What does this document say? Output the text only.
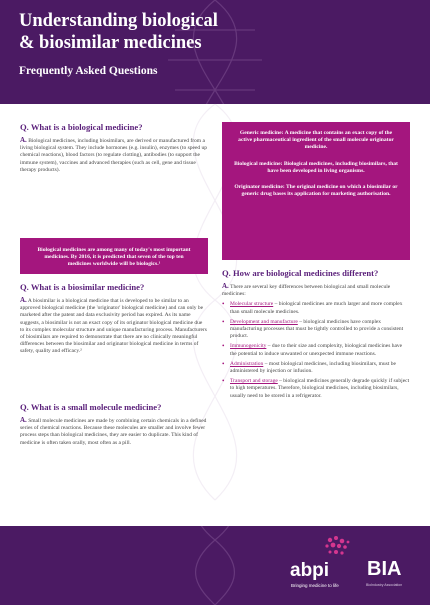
Understanding biological
& biosimilar medicines
Frequently Asked Questions
Q. What is a biological medicine?
A. Biological medicines, including biosimilars, are derived or manufactured from a living biological system. They include hormones (e.g. insulin), enzymes (to speed up chemical reactions), blood factors (to regulate clotting), antibodies (to support the immune system), vaccines and advanced therapies (such as cell, gene and tissue therapy products).
Biological medicines are among many of today's most important medicines. By 2016, it is predicted that seven of the top ten medicines worldwide will be biologics.¹
Q. What is a biosimilar medicine?
A. A biosimilar is a biological medicine that is developed to be similar to an approved biological medicine (the 'originator' biological medicine) and can only be marketed after the patent and data exclusivity period has expired. As its name suggests, a biosimilar is not an exact copy of its originator biological medicine due to its complex molecular structure and unique manufacturing process. Manufacturers of biosimilars are required to demonstrate that there are no clinically meaningful differences between the biosimilar and originator biological medicine in terms of safety, quality and efficacy.²
Q. What is a small molecule medicine?
A. Small molecule medicines are made by combining certain chemicals in a defined series of chemical reactions. Because these molecules are smaller and involve fewer process steps than biological medicines, they are easier to duplicate. This kind of medicine is often taken orally, most often as a pill.
Generic medicine: A medicine that contains an exact copy of the active pharmaceutical ingredient of the small molecule originator medicine.
Biological medicine: Biological medicines, including biosimilars, that have been developed in living organisms.
Originator medicine: The original medicine on which a biosimilar or generic drug bases its application for marketing authorisation.
Q. How are biological medicines different?
A. There are several key differences between biological and small molecule medicines:
• Molecular structure – biological medicines are much larger and more complex than small molecule medicines.
• Development and manufacture – biological medicines have complex manufacturing processes that must be tightly controlled to provide a consistent product.
• Immunogenicity – due to their size and complexity, biological medicines have the potential to induce unwanted or unexpected immune reactions.
• Administration – most biological medicines, including biosimilars, must be administered by injection or infusion.
• Transport and storage – biological medicines generally degrade quickly if subject to high temperatures. Therefore, biological medicines, including biosimilars, usually need to be stored in a refrigerator.
abpi
Bringing medicine to life
BIA
BioIndustry Association
